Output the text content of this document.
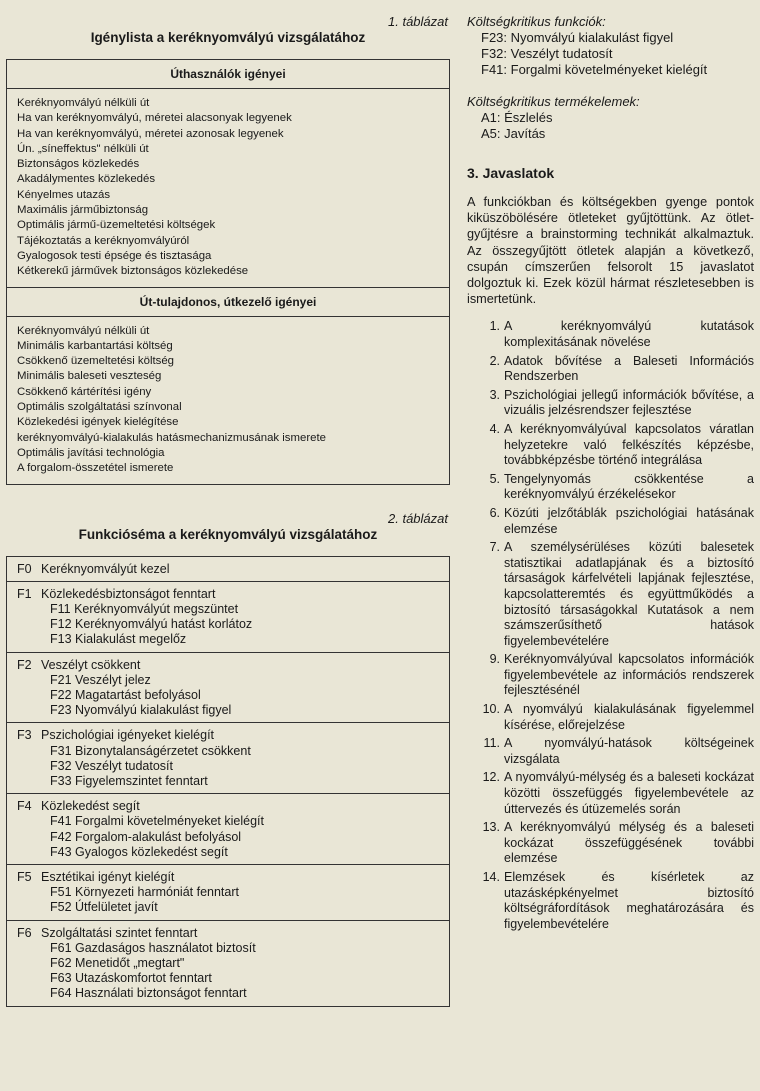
1. táblázat
Igénylista a keréknyomvályú vizsgálatához
Úthasználók igényei
Keréknyomvályú nélküli út
Ha van keréknyomvályú, méretei alacsonyak legyenek
Ha van keréknyomvályú, méretei azonosak legyenek
Ún. „síneffektus" nélküli út
Biztonságos közlekedés
Akadálymentes közlekedés
Kényelmes utazás
Maximális járműbiztonság
Optimális jármű-üzemeltetési költségek
Tájékoztatás a keréknyomvályúról
Gyalogosok testi épsége és tisztasága
Kétkerekű járművek biztonságos közlekedése
Út-tulajdonos, útkezelő igényei
Keréknyomvályú nélküli út
Minimális karbantartási költség
Csökkenő üzemeltetési költség
Minimális baleseti veszteség
Csökkenő kártérítési igény
Optimális szolgáltatási színvonal
Közlekedési igények kielégítése
keréknyomvályú-kialakulás hatásmechanizmusának ismerete
Optimális javítási technológia
A forgalom-összetétel ismerete
2. táblázat
Funkcióséma a keréknyomvályú vizsgálatához
F0 Keréknyomvályút kezel
F1 Közlekedésbiztonságot fenntart
F11 Keréknyomvályút megszüntet
F12 Keréknyomvályú hatást korlátoz
F13 Kialakulást megelőz
F2 Veszélyt csökkent
F21 Veszélyt jelez
F22 Magatartást befolyásol
F23 Nyomvályú kialakulást figyel
F3 Pszichológiai igényeket kielégít
F31 Bizonytalanságérzetet csökkent
F32 Veszélyt tudatosít
F33 Figyelemszintet fenntart
F4 Közlekedést segít
F41 Forgalmi követelményeket kielégít
F42 Forgalom-alakulást befolyásol
F43 Gyalogos közlekedést segít
F5 Esztétikai igényt kielégít
F51 Környezeti harmóniát fenntart
F52 Útfelületet javít
F6 Szolgáltatási szintet fenntart
F61 Gazdaságos használatot biztosít
F62 Menetidőt „megtart"
F63 Utazáskomfortot fenntart
F64 Használati biztonságot fenntart
Költségkritikus funkciók:
F23: Nyomvályú kialakulást figyel
F32: Veszélyt tudatosít
F41: Forgalmi követelményeket kielégít
Költségkritikus termékelemek:
A1: Észlelés
A5: Javítás
3. Javaslatok

A funkciókban és költségekben gyenge pontok kiküszöbölésére ötleteket gyűjtöttünk. Az ötlet-gyűjtésre a brainstorming technikát alkalmaztuk. Az összegyűjtött ötletek alapján a következő, csupán címszerűen felsorolt 15 javaslatot dolgoztuk ki. Ezek közül hármat részletesebben is ismertetünk.

1. A keréknyomvályú kutatások komplexitásának növelése
2. Adatok bővítése a Baleseti Információs Rendszerben
3. Pszichológiai jellegű információk bővítése, a vizuális jelzésrendszer fejlesztése
4. A keréknyomvályúval kapcsolatos váratlan helyzetekre való felkészítés képzésbe, továbbképzésbe történő integrálása
5. Tengelynyomás csökkentése a keréknyomvályú érzékelésekor
6. Közúti jelzőtáblák pszichológiai hatásának elemzése
7. A személysérüléses közúti balesetek statisztikai adatlapjának és a biztosító társaságok kárfelvételi lapjának fejlesztése, kapcsolatteremtés és együttműködés a biztosító társaságokkal Kutatások a nem számszerűsíthető hatások figyelembevételére
9. Keréknyomvályúval kapcsolatos információk figyelembevétele az információs rendszerek fejlesztésénél
10. A nyomvályú kialakulásának figyelemmel kísérése, előrejelzése
11. A nyomvályú-hatások költségeinek vizsgálata
12. A nyomvályú-mélység és a baleseti kockázat közötti összefüggés figyelembevétele az úttervezés és útüzemelés során
13. A keréknyomvályú mélység és a baleseti kockázat összefüggésének további elemzése
14. Elemzések és kísérletek az utazásképkényelmet biztosító költségráfordítások meghatározására és figyelembevételére
